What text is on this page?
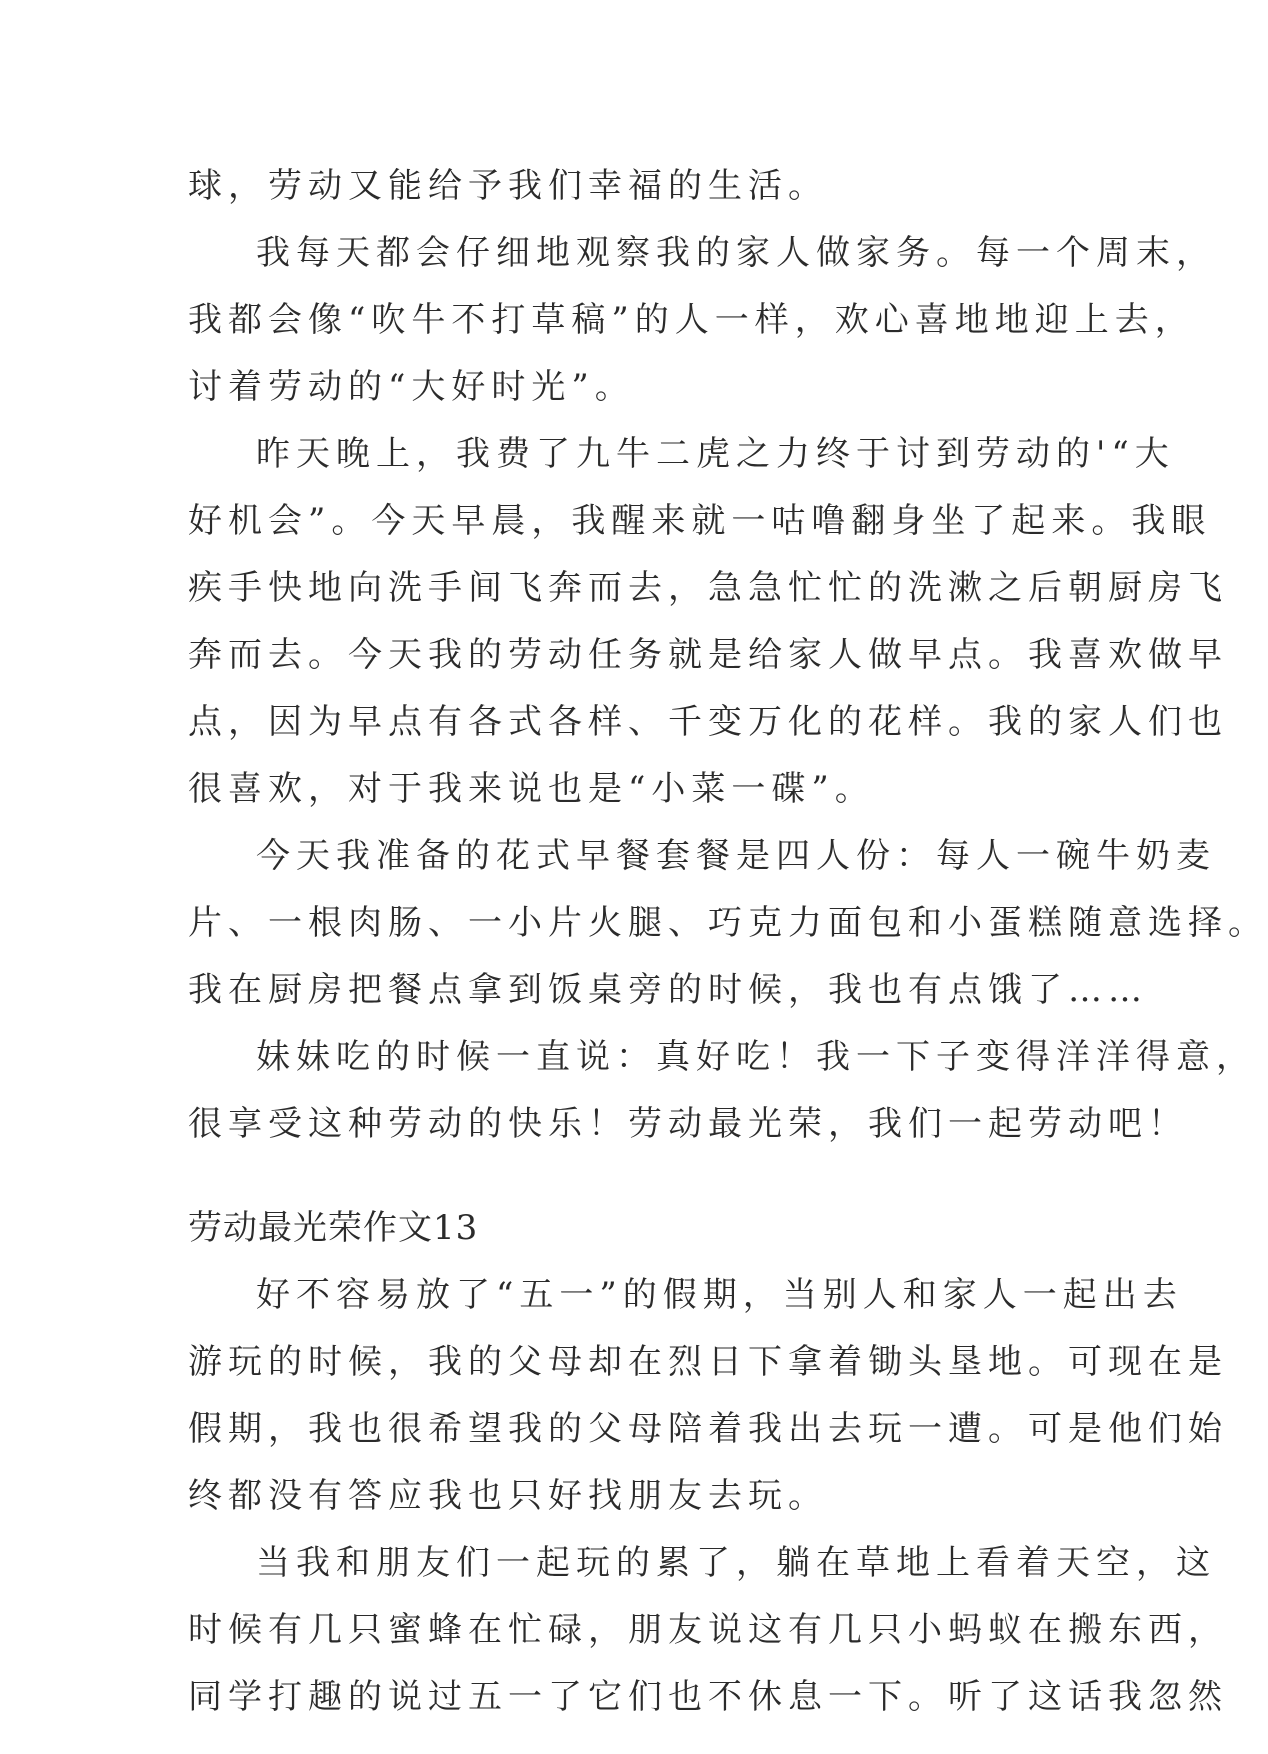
球，劳动又能给予我们幸福的生活。
我每天都会仔细地观察我的家人做家务。每一个周末，
我都会像“吹牛不打草稿”的人一样，欢心喜地地迎上去，
讨着劳动的“大好时光”。
昨天晚上，我费了九牛二虎之力终于讨到劳动的'“大
好机会”。今天早晨，我醒来就一咕噜翻身坐了起来。我眼
疾手快地向洗手间飞奔而去，急急忙忙的洗漱之后朝厨房飞
奔而去。今天我的劳动任务就是给家人做早点。我喜欢做早
点，因为早点有各式各样、千变万化的花样。我的家人们也
很喜欢，对于我来说也是“小菜一碟”。
今天我准备的花式早餐套餐是四人份：每人一碗牛奶麦
片、一根肉肠、一小片火腿、巧克力面包和小蛋糕随意选择。
我在厨房把餐点拿到饭桌旁的时候，我也有点饿了……
妹妹吃的时候一直说：真好吃！我一下子变得洋洋得意，
很享受这种劳动的快乐！劳动最光荣，我们一起劳动吧！
劳动最光荣作文13
好不容易放了“五一”的假期，当别人和家人一起出去
游玩的时候，我的父母却在烈日下拿着锄头垦地。可现在是
假期，我也很希望我的父母陪着我出去玩一遭。可是他们始
终都没有答应我也只好找朋友去玩。
当我和朋友们一起玩的累了，躺在草地上看着天空，这
时候有几只蜜蜂在忙碌，朋友说这有几只小蚂蚁在搬东西，
同学打趣的说过五一了它们也不休息一下。听了这话我忽然
